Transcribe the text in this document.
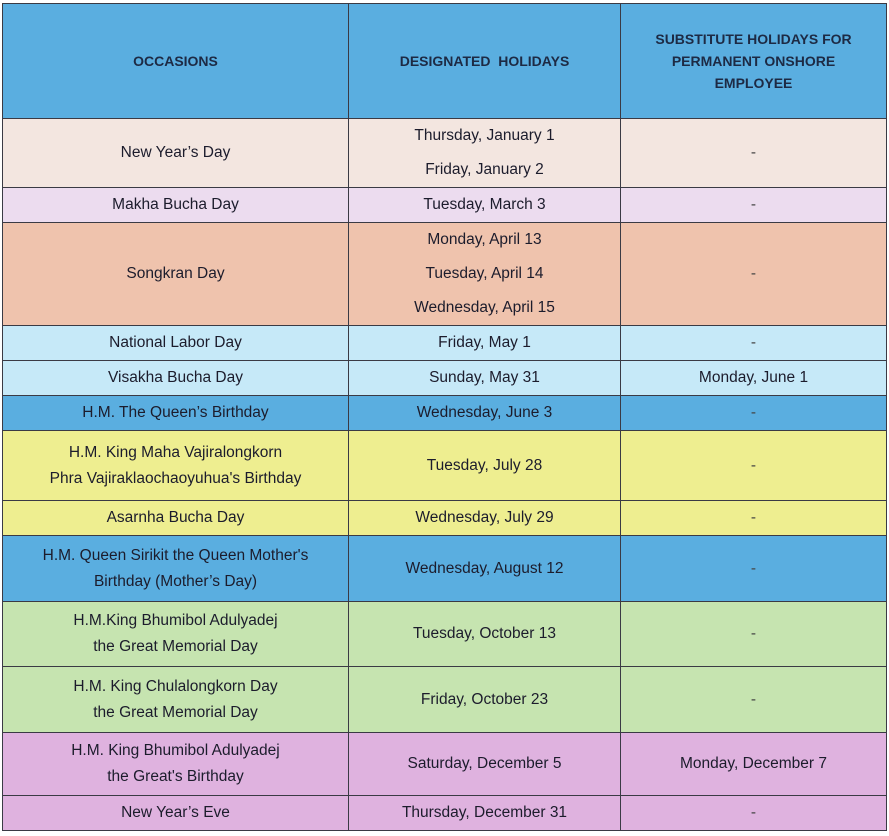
OCCASIONS	DESIGNATED  HOLIDAYS	SUBSTITUTE HOLIDAYS FOR PERMANENT ONSHORE EMPLOYEE

New Year’s Day	Thursday, January 1
Friday, January 2	-

Makha Bucha Day	Tuesday, March 3	-

Songkran Day	Monday, April 13
Tuesday, April 14
Wednesday, April 15	-

National Labor Day	Friday, May 1	-

Visakha Bucha Day	Sunday, May 31	Monday, June 1

H.M. The Queen’s Birthday	Wednesday, June 3	-

H.M. King Maha Vajiralongkorn
Phra Vajiraklaochaoyuhua's Birthday	Tuesday, July 28	-

Asarnha Bucha Day	Wednesday, July 29	-

H.M. Queen Sirikit the Queen Mother's
Birthday (Mother’s Day)	Wednesday, August 12	-

H.M.King Bhumibol Adulyadej
the Great Memorial Day	Tuesday, October 13	-

H.M. King Chulalongkorn Day
the Great Memorial Day	Friday, October 23	-

H.M. King Bhumibol Adulyadej
the Great's Birthday	Saturday, December 5	Monday, December 7

New Year’s Eve	Thursday, December 31	-
